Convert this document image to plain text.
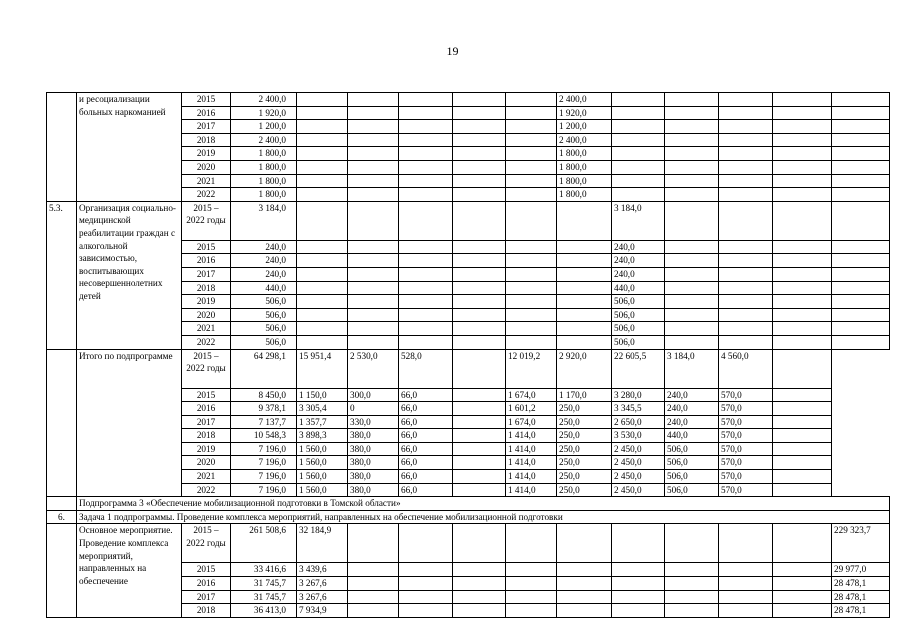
19
	и ресоциализации больных наркоманией	2015	2 400,0						2 400,0					
		2016	1 920,0						1 920,0					
		2017	1 200,0						1 200,0					
		2018	2 400,0						2 400,0					
		2019	1 800,0						1 800,0					
		2020	1 800,0						1 800,0					
		2021	1 800,0						1 800,0					
		2022	1 800,0						1 800,0					
5.3.	Организация социально-медицинской реабилитации граждан с алкогольной зависимостью, воспитывающих несовершеннолетних детей	2015 – 2022 годы	3 184,0							3 184,0				
		2015	240,0							240,0				
		2016	240,0							240,0				
		2017	240,0							240,0				
		2018	440,0							440,0				
		2019	506,0							506,0				
		2020	506,0							506,0				
		2021	506,0							506,0				
		2022	506,0							506,0				
	Итого по подпрограмме	2015 – 2022 годы	64 298,1	15 951,4	2 530,0	528,0		12 019,2	2 920,0	22 605,5	3 184,0	4 560,0		
		2015	8 450,0	1 150,0	300,0	66,0		1 674,0	1 170,0	3 280,0	240,0	570,0		
		2016	9 378,1	3 305,4	0	66,0		1 601,2	250,0	3 345,5	240,0	570,0		
		2017	7 137,7	1 357,7	330,0	66,0		1 674,0	250,0	2 650,0	240,0	570,0		
		2018	10 548,3	3 898,3	380,0	66,0		1 414,0	250,0	3 530,0	440,0	570,0		
		2019	7 196,0	1 560,0	380,0	66,0		1 414,0	250,0	2 450,0	506,0	570,0		
		2020	7 196,0	1 560,0	380,0	66,0		1 414,0	250,0	2 450,0	506,0	570,0		
		2021	7 196,0	1 560,0	380,0	66,0		1 414,0	250,0	2 450,0	506,0	570,0		
		2022	7 196,0	1 560,0	380,0	66,0		1 414,0	250,0	2 450,0	506,0	570,0		
	Подпрограмма 3 «Обеспечение мобилизационной подготовки в Томской области»													
6.	Задача 1 подпрограммы. Проведение комплекса мероприятий, направленных на обеспечение мобилизационной подготовки													
	Основное мероприятие. Проведение комплекса мероприятий, направленных на обеспечение	2015 – 2022 годы	261 508,6	32 184,9										229 323,7
		2015	33 416,6	3 439,6										29 977,0
		2016	31 745,7	3 267,6										28 478,1
		2017	31 745,7	3 267,6										28 478,1
		2018	36 413,0	7 934,9										28 478,1
